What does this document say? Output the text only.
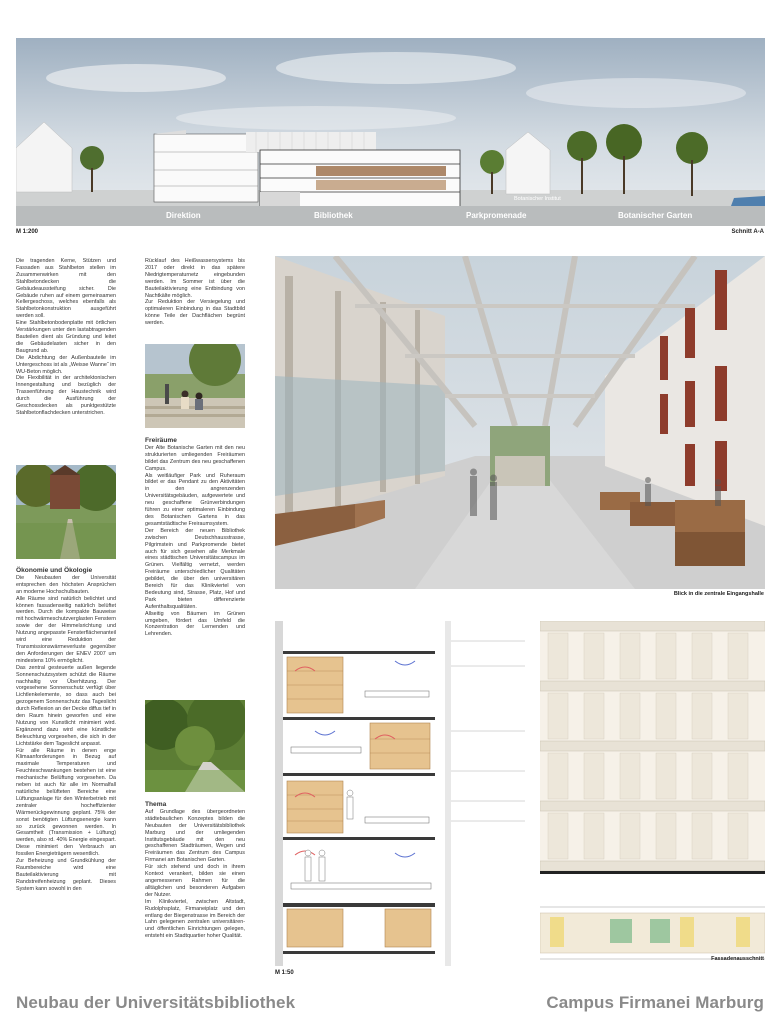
Direktion	Bibliothek	Parkpromenade	Botanischer Garten
Botanischer Institut
M 1:200	Schnitt A-A

Die tragenden Kerne, Stützen und Fassaden aus Stahlbeton stellen im Zusammenwirken mit den Stahlbetondecken die Gebäudeaussteifung sicher. Die Gebäude ruhen auf einem gemeinsamen Kellergeschoss, welches ebenfalls als Stahlbetonkonstruktion ausgeführt werden soll.

Eine Stahlbetonbodenplatte mit örtlichen Verstärkungen unter den lastabtragenden Bauteilen dient als Gründung und leitet die Gebäudelasten sicher in den Baugrund ab.

Die Abdichtung der Außenbauteile im Untergeschoss ist als „Weisse Wanne“ im WU-Beton möglich.

Die Flexibilität in der architektonischen Innengestaltung und bezüglich der Trassenführung der Haustechnik wird durch die Ausführung der Geschossdecken als punktgestützte Stahlbetonflachdecken unterstrichen.

Ökonomie und Ökologie

Die Neubauten der Universität entsprechen den höchsten Ansprüchen an moderne Hochschulbauten.

Alle Räume sind natürlich belichtet und können fassadenseitig natürlich belüftet werden. Durch die kompakte Bauweise mit hochwärmeschutzverglasten Fenstern sowie der der Himmelsrichtung und Nutzung angepasste Fensterflächenanteil wird eine Reduktion der Transmissionswärmeverluste gegenüber den Anforderungen der ENEV 2007 um mindestens 10% ermöglicht.

Das zentral gesteuerte außen liegende Sonnenschutzsystem schützt die Räume nachhaltig vor Überhitzung. Der vorgesehene Sonnenschutz verfügt über Lichtlenkelemente, so dass auch bei gezogenem Sonnenschutz das Tageslicht durch Reflexion an der Decke diffus tief in den Raum hinein geworfen und eine Nutzung von Kunstlicht minimiert wird. Ergänzend dazu wird eine künstliche Beleuchtung vorgesehen, die sich in der Lichtstärke dem Tageslicht anpasst.

Für alle Räume in denen enge Klimaanforderungen in Bezug auf maximale Temperaturen und Feuchteschwankungen bestehen ist eine mechanische Belüftung vorgesehen. Da neben ist auch für alle im Normalfall natürliche belüfteten Bereiche eine Lüftungsanlage für den Winterbetrieb mit zentraler hocheffizienter Wärmerückgewinnung geplant. 75% der sonst benötigten Lüftungsenergie kann so zurück gewonnen werden. In Gesamtheit (Transmission + Lüftung) werden, also rd. 40% Energie eingespart. Diese minimiert den Verbrauch an fossilen Energieträgern wesentlich.

Zur Beheizung und Grundkühlung der Raumbereiche wird eine Bauteilaktivierung mit Randstreifenheizung geplant. Dieses System kann sowohl in den

Rücklauf des Heißwassersystems bis 2017 oder direkt in das spätere Niedrigtemperaturnetz eingebunden werden. Im Sommer ist über die Bauteilaktivierung eine Entbindung von Nachtkälte möglich.

Zur Reduktion der Versiegelung und optimaleren Einbindung in das Stadtbild könne Teile der Dachflächen begrünt werden.

Freiräume

Der Alte Botanische Garten mit den neu strukturierten umliegenden Freiräumen bildet das Zentrum des neu geschaffenen Campus.

Als weitläufiger Park und Ruheraum bildet er das Pendant zu den Aktivitäten in den angrenzenden Universitätsgebäuden, aufgewertete und neu geschaffene Grünverbindungen führen zu einer optimaleren Einbindung des Botanischen Gartens in das gesamtstädtische Freiraumsystem.

Der Bereich der neuen Bibliothek zwischen Deutschhausstrasse, Pilgrimstein und Parkpromende bietet auch für sich gesehen alle Merkmale eines städtischen Universitätscampus im Grünen. Vielfältig vernetzt, werden Freiräume unterschiedlicher Qualitäten gebildet, die über den universitären Bereich für das Klinikviertel von Bedeutung sind, Strasse, Platz, Hof und Park bieten differenzierte Aufenthaltsqualitäten.

Allseitig von Bäumen im Grünen umgeben, fördert das Umfeld die Konzentration der Lernenden und Lehrenden.

Thema

Auf Grundlage des übergeordneten städtebaulichen Konzeptes bilden die Neubauten der Universitätsbibliothek Marburg und der umliegenden Institutsgebäude mit den neu geschaffenen Stadträumen, Wegen und Freiräumen das Zentrum des Campus Firmanei am Botanischen Garten.

Für sich stehend und doch in ihrem Kontext verankert, bilden sie einen angemessenen Rahmen für die alltäglichen und besonderen Aufgaben der Nutzer.

Im Klinikviertel, zwischen Altstadt, Rudolphsplatz, Firmaneiplatz und den entlang der Biegenstrasse im Bereich der Lahn gelegenen zentralen universitären- und öffentlichen Einrichtungen gelegen, entsteht ein Stadtquartier hoher Qualität.

Blick in die zentrale Eingangshalle
M 1:50
Fassadenausschnitt
Neubau der Universitätsbibliothek	Campus Firmanei Marburg
